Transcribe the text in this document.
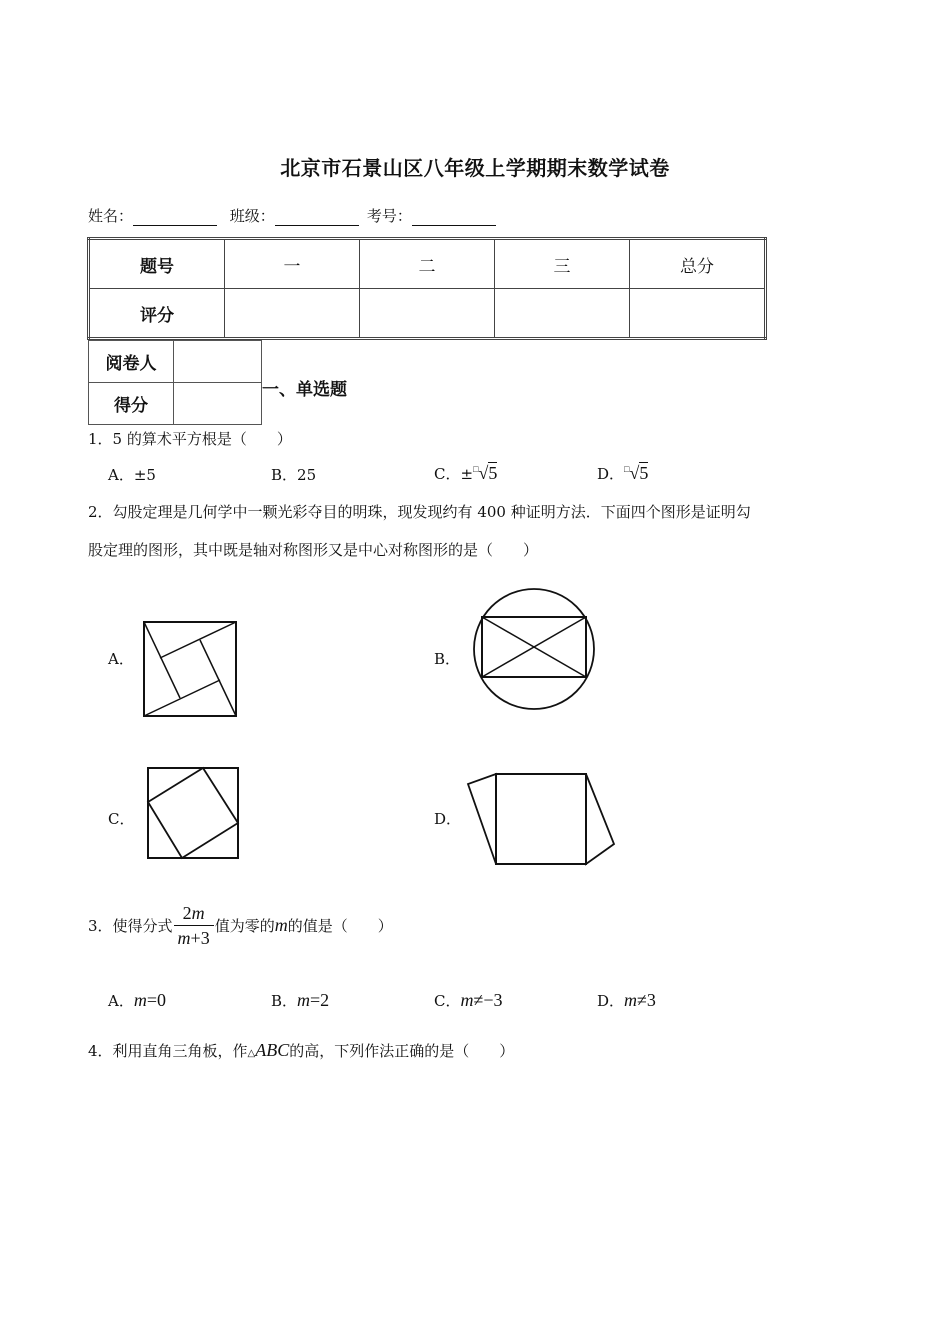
北京市石景山区八年级上学期期末数学试卷
姓名：	班级：	考号：
题号	一	二	三	总分
评分				
阅卷人	
得分	
一、单选题
1．5 的算术平方根是（　　）
A．±5	B．25	C．±□√5	D．□√5
2．勾股定理是几何学中一颗光彩夺目的明珠，现发现约有 400 种证明方法．下面四个图形是证明勾
股定理的图形，其中既是轴对称图形又是中心对称图形的是（　　）
A．	B．
C．	D．
3．使得分式 $\frac{2m}{m+3}$ 值为零的m的值是（　　）
A．m=0	B．m=2	C．m≠−3	D．m≠3
4．利用直角三角板，作△ABC的高，下列作法正确的是（　　）
